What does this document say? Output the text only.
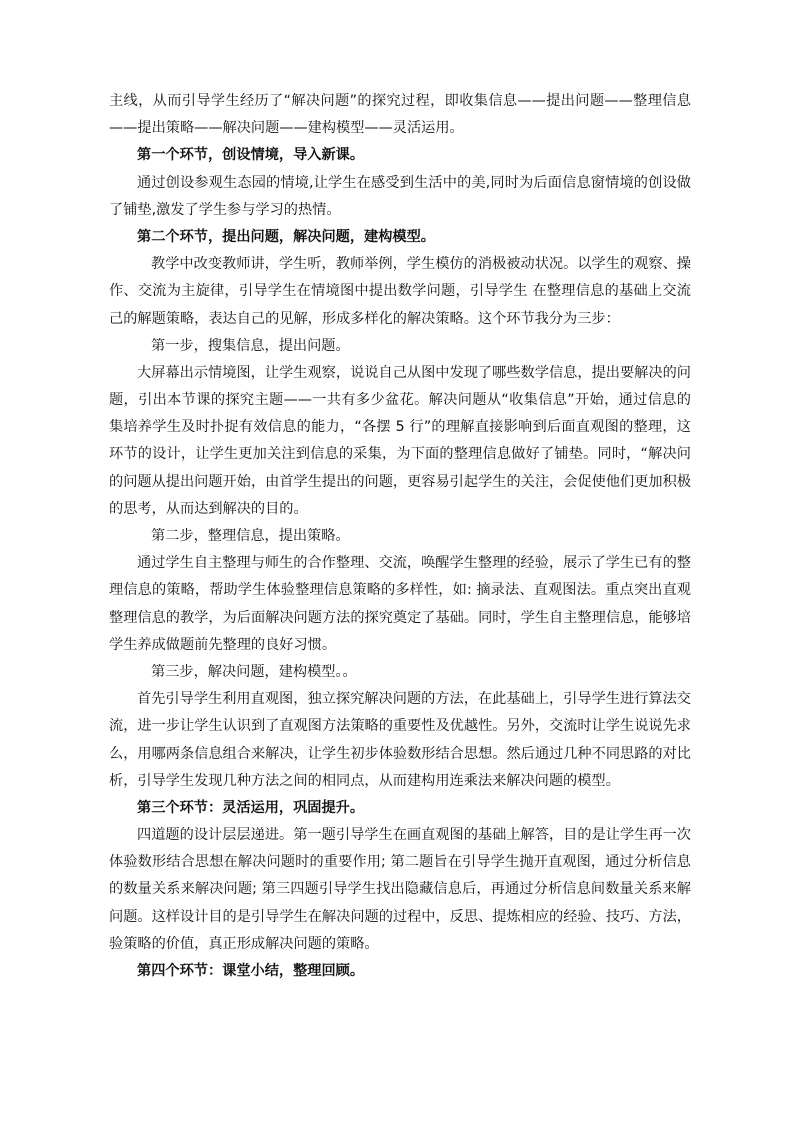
主线，从而引导学生经历了“解决问题”的探究过程，即收集信息——提出问题——整理信息
——提出策略——解决问题——建构模型——灵活运用。
第一个环节，创设情境，导入新课。
通过创设参观生态园的情境,让学生在感受到生活中的美,同时为后面信息窗情境的创设做
了铺垫,激发了学生参与学习的热情。
第二个环节，提出问题，解决问题，建构模型。
教学中改变教师讲，学生听，教师举例，学生模仿的消极被动状况。以学生的观察、操
作、交流为主旋律，引导学生在情境图中提出数学问题，引导学生 在整理信息的基础上交流
己的解题策略，表达自己的见解，形成多样化的解决策略。这个环节我分为三步：
第一步，搜集信息，提出问题。
大屏幕出示情境图，让学生观察，说说自己从图中发现了哪些数学信息，提出要解决的问
题，引出本节课的探究主题——一共有多少盆花。解决问题从“收集信息”开始，通过信息的
集培养学生及时扑捉有效信息的能力，“各摆 5 行”的理解直接影响到后面直观图的整理，这
环节的设计，让学生更加关注到信息的采集，为下面的整理信息做好了铺垫。同时，“解决问
的问题从提出问题开始，由首学生提出的问题，更容易引起学生的关注，会促使他们更加积极
的思考，从而达到解决的目的。
第二步，整理信息，提出策略。
通过学生自主整理与师生的合作整理、交流，唤醒学生整理的经验，展示了学生已有的整
理信息的策略，帮助学生体验整理信息策略的多样性，如: 摘录法、直观图法。重点突出直观
整理信息的教学，为后面解决问题方法的探究奠定了基础。同时，学生自主整理信息，能够培
学生养成做题前先整理的良好习惯。
第三步，解决问题，建构模型。。
首先引导学生利用直观图，独立探究解决问题的方法，在此基础上，引导学生进行算法交
流，进一步让学生认识到了直观图方法策略的重要性及优越性。另外，交流时让学生说说先求
么，用哪两条信息组合来解决，让学生初步体验数形结合思想。然后通过几种不同思路的对比
析，引导学生发现几种方法之间的相同点，从而建构用连乘法来解决问题的模型。
第三个环节：灵活运用，巩固提升。
四道题的设计层层递进。第一题引导学生在画直观图的基础上解答，目的是让学生再一次
体验数形结合思想在解决问题时的重要作用; 第二题旨在引导学生抛开直观图，通过分析信息
的数量关系来解决问题; 第三四题引导学生找出隐藏信息后，再通过分析信息间数量关系来解
问题。这样设计目的是引导学生在解决问题的过程中，反思、提炼相应的经验、技巧、方法，
验策略的价值，真正形成解决问题的策略。
第四个环节：课堂小结，整理回顾。
